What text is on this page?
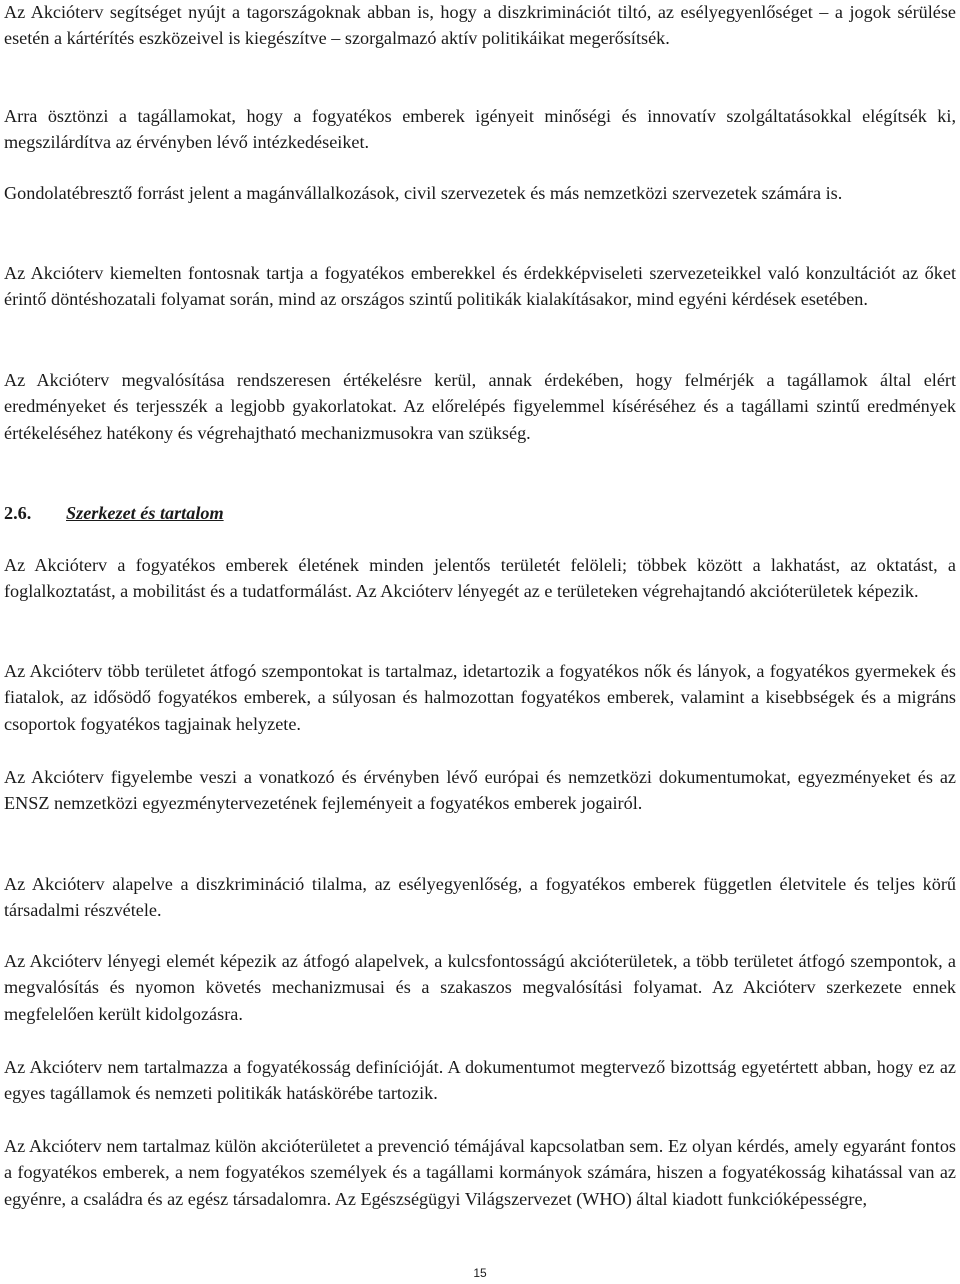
Az Akcióterv segítséget nyújt a tagországoknak abban is, hogy a diszkriminációt tiltó, az esélyegyenlőséget – a jogok sérülése esetén a kártérítés eszközeivel is kiegészítve – szorgalmazó aktív politikáikat megerősítsék.

Arra ösztönzi a tagállamokat, hogy a fogyatékos emberek igényeit minőségi és innovatív szolgáltatásokkal elégítsék ki, megszilárdítva az érvényben lévő intézkedéseiket.

Gondolatébresztő forrást jelent a magánvállalkozások, civil szervezetek és más nemzetközi szervezetek számára is.

Az Akcióterv kiemelten fontosnak tartja a fogyatékos emberekkel és érdekképviseleti szervezeteikkel való konzultációt az őket érintő döntéshozatali folyamat során, mind az országos szintű politikák kialakításakor, mind egyéni kérdések esetében.

Az Akcióterv megvalósítása rendszeresen értékelésre kerül, annak érdekében, hogy felmérjék a tagállamok által elért eredményeket és terjesszék a legjobb gyakorlatokat. Az előrelépés figyelemmel kíséréséhez és a tagállami szintű eredmények értékeléséhez hatékony és végrehajtható mechanizmusokra van szükség.

2.6. Szerkezet és tartalom

Az Akcióterv a fogyatékos emberek életének minden jelentős területét felöleli; többek között a lakhatást, az oktatást, a foglalkoztatást, a mobilitást és a tudatformálást. Az Akcióterv lényegét az e területeken végrehajtandó akcióterületek képezik.

Az Akcióterv több területet átfogó szempontokat is tartalmaz, idetartozik a fogyatékos nők és lányok, a fogyatékos gyermekek és fiatalok, az idősödő fogyatékos emberek, a súlyosan és halmozottan fogyatékos emberek, valamint a kisebbségek és a migráns csoportok fogyatékos tagjainak helyzete.

Az Akcióterv figyelembe veszi a vonatkozó és érvényben lévő európai és nemzetközi dokumentumokat, egyezményeket és az ENSZ nemzetközi egyezménytervezetének fejleményeit a fogyatékos emberek jogairól.

Az Akcióterv alapelve a diszkrimináció tilalma, az esélyegyenlőség, a fogyatékos emberek független életvitele és teljes körű társadalmi részvétele.

Az Akcióterv lényegi elemét képezik az átfogó alapelvek, a kulcsfontosságú akcióterületek, a több területet átfogó szempontok, a megvalósítás és nyomon követés mechanizmusai és a szakaszos megvalósítási folyamat. Az Akcióterv szerkezete ennek megfelelően került kidolgozásra.

Az Akcióterv nem tartalmazza a fogyatékosság definícióját. A dokumentumot megtervező bizottság egyetértett abban, hogy ez az egyes tagállamok és nemzeti politikák hatáskörébe tartozik.

Az Akcióterv nem tartalmaz külön akcióterületet a prevenció témájával kapcsolatban sem. Ez olyan kérdés, amely egyaránt fontos a fogyatékos emberek, a nem fogyatékos személyek és a tagállami kormányok számára, hiszen a fogyatékosság kihatással van az egyénre, a családra és az egész társadalomra. Az Egészségügyi Világszervezet (WHO) által kiadott funkcióképességre,

15
